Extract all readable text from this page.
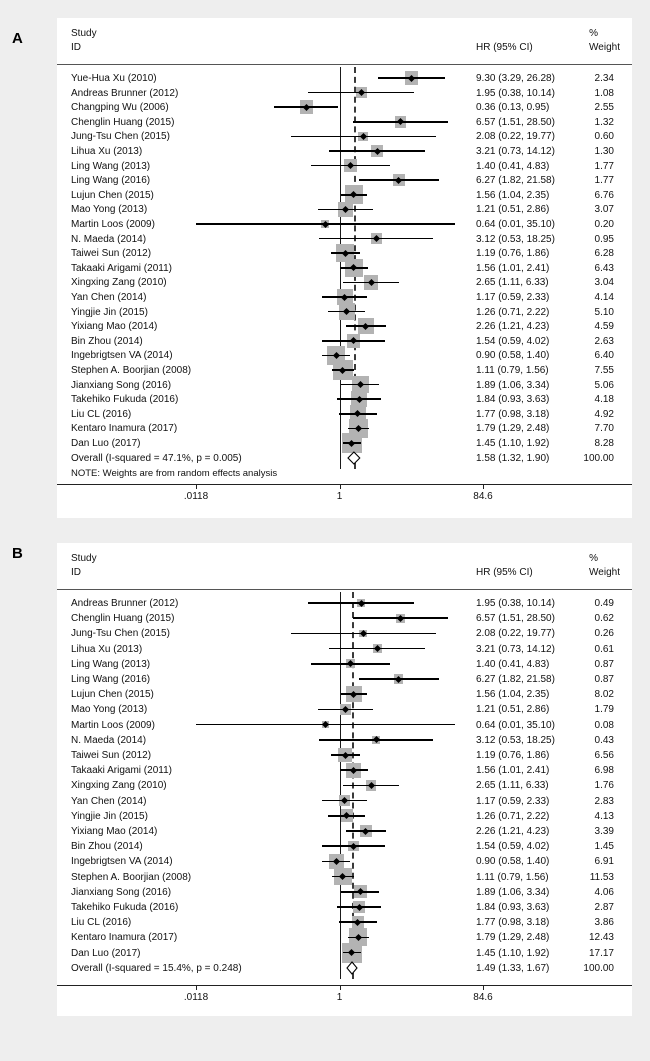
A	Study
ID	HR (95% CI)
%
Weight
Yue-Hua Xu (2010)	9.30 (3.29, 26.28)	2.34
Andreas Brunner (2012)	1.95 (0.38, 10.14)	1.08
Changping Wu (2006)	0.36 (0.13, 0.95)	2.55
Chenglin Huang (2015)	6.57 (1.51, 28.50)	1.32
Jung-Tsu Chen (2015)	2.08 (0.22, 19.77)	0.60
Lihua Xu (2013)	3.21 (0.73, 14.12)	1.30
Ling Wang (2013)	1.40 (0.41, 4.83)	1.77
Ling Wang (2016)	6.27 (1.82, 21.58)	1.77
Lujun Chen (2015)	1.56 (1.04, 2.35)	6.76
Mao Yong (2013)	1.21 (0.51, 2.86)	3.07
Martin Loos (2009)	0.64 (0.01, 35.10)	0.20
N. Maeda (2014)	3.12 (0.53, 18.25)	0.95
Taiwei Sun (2012)	1.19 (0.76, 1.86)	6.28
Takaaki Arigami (2011)	1.56 (1.01, 2.41)	6.43
Xingxing Zang (2010)	2.65 (1.11, 6.33)	3.04
Yan Chen (2014)	1.17 (0.59, 2.33)	4.14
Yingjie Jin (2015)	1.26 (0.71, 2.22)	5.10
Yixiang Mao (2014)	2.26 (1.21, 4.23)	4.59
Bin Zhou (2014)	1.54 (0.59, 4.02)	2.63
Ingebrigtsen VA (2014)	0.90 (0.58, 1.40)	6.40
Stephen A. Boorjian (2008)	1.11 (0.79, 1.56)	7.55
Jianxiang Song (2016)	1.89 (1.06, 3.34)	5.06
Takehiko Fukuda (2016)	1.84 (0.93, 3.63)	4.18
Liu CL (2016)	1.77 (0.98, 3.18)	4.92
Kentaro Inamura (2017)	1.79 (1.29, 2.48)	7.70
Dan Luo (2017)	1.45 (1.10, 1.92)	8.28
Overall (I-squared = 47.1%, p = 0.005)	1.58 (1.32, 1.90)	100.00
NOTE: Weights are from random effects analysis
.0118	1	84.6
B	Study
ID	HR (95% CI)
%
Weight
Andreas Brunner (2012)	1.95 (0.38, 10.14)	0.49
Chenglin Huang (2015)	6.57 (1.51, 28.50)	0.62
Jung-Tsu Chen (2015)	2.08 (0.22, 19.77)	0.26
Lihua Xu (2013)	3.21 (0.73, 14.12)	0.61
Ling Wang (2013)	1.40 (0.41, 4.83)	0.87
Ling Wang (2016)	6.27 (1.82, 21.58)	0.87
Lujun Chen (2015)	1.56 (1.04, 2.35)	8.02
Mao Yong (2013)	1.21 (0.51, 2.86)	1.79
Martin Loos (2009)	0.64 (0.01, 35.10)	0.08
N. Maeda (2014)	3.12 (0.53, 18.25)	0.43
Taiwei Sun (2012)	1.19 (0.76, 1.86)	6.56
Takaaki Arigami (2011)	1.56 (1.01, 2.41)	6.98
Xingxing Zang (2010)	2.65 (1.11, 6.33)	1.76
Yan Chen (2014)	1.17 (0.59, 2.33)	2.83
Yingjie Jin (2015)	1.26 (0.71, 2.22)	4.13
Yixiang Mao (2014)	2.26 (1.21, 4.23)	3.39
Bin Zhou (2014)	1.54 (0.59, 4.02)	1.45
Ingebrigtsen VA (2014)	0.90 (0.58, 1.40)	6.91
Stephen A. Boorjian (2008)	1.11 (0.79, 1.56)	11.53
Jianxiang Song (2016)	1.89 (1.06, 3.34)	4.06
Takehiko Fukuda (2016)	1.84 (0.93, 3.63)	2.87
Liu CL (2016)	1.77 (0.98, 3.18)	3.86
Kentaro Inamura (2017)	1.79 (1.29, 2.48)	12.43
Dan Luo (2017)	1.45 (1.10, 1.92)	17.17
Overall (I-squared = 15.4%, p = 0.248)	1.49 (1.33, 1.67)	100.00
.0118	1	84.6
